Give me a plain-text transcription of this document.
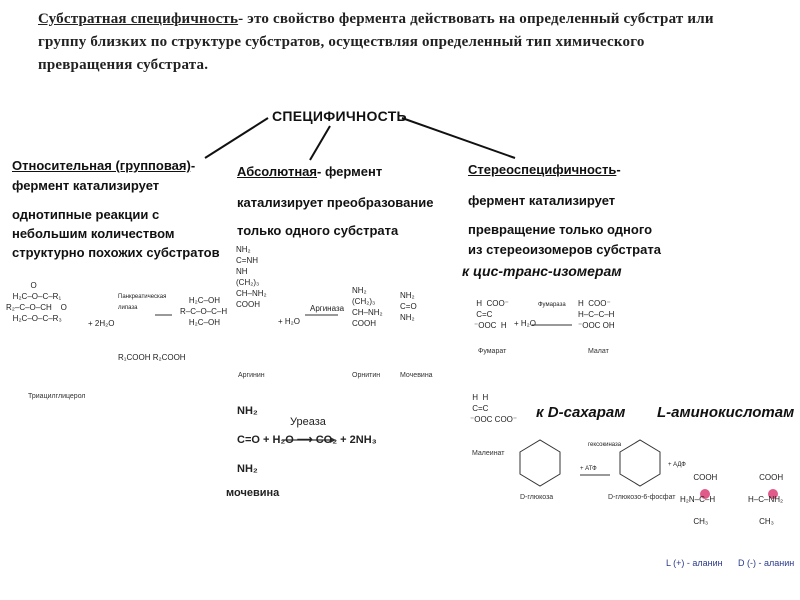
Субстратная специфичность- это свойство фермента действовать на определенный субстрат или группу близких по структуре субстратов, осуществляя определенный тип химического превращения субстрата.
СПЕЦИФИЧНОСТЬ
Относительная (групповая)-
фермент катализирует
однотипные реакции с
небольшим количеством
структурно похожих субстратов
O
H₂C–O–C–R₁
R₂–C–O–CH    O
H₂C–O–C–R₃
+ 2H₂O
Панкреатическая липаза
R₁COOH R₂COOH
H₂C–OH
R–C–O–C–H
H₂C–OH
Триацилглицерол
Абсолютная- фермент
катализирует преобразование
только одного субстрата
NH₂
C=NH
NH
(CH₂)₃
CH–NH₂
COOH
+ H₂O
Аргиназа
NH₂
(CH₂)₃
CH–NH₂
COOH
NH₂
C=O
NH₂
Аргинин	Орнитин	Мочевина
NH₂

C=O + H₂O ⟶ CO₂ + 2NH₃
NH₂
Уреаза
мочевина
Стереоспецифичность-
фермент катализирует
превращение только одного
из стереоизомеров субстрата
к цис-транс-изомерам
H  COO⁻
C=C
⁻OOC  H + H₂O
Фумараза H  COO⁻
H–C–C–H
⁻OOC OH
Фумарат	Малат
H  H
C=C
⁻OOC COO⁻
Малеинат
к D-сахарам L-аминокислотам
+ АТФ
гексокиназа
+ АДФ
D-глюкоза	D-глюкозо-6-фосфат
COOH

H₂N–C–H

CH₃
COOH

H–C–NH₂

CH₃
L (+) - аланин D (-) - аланин
